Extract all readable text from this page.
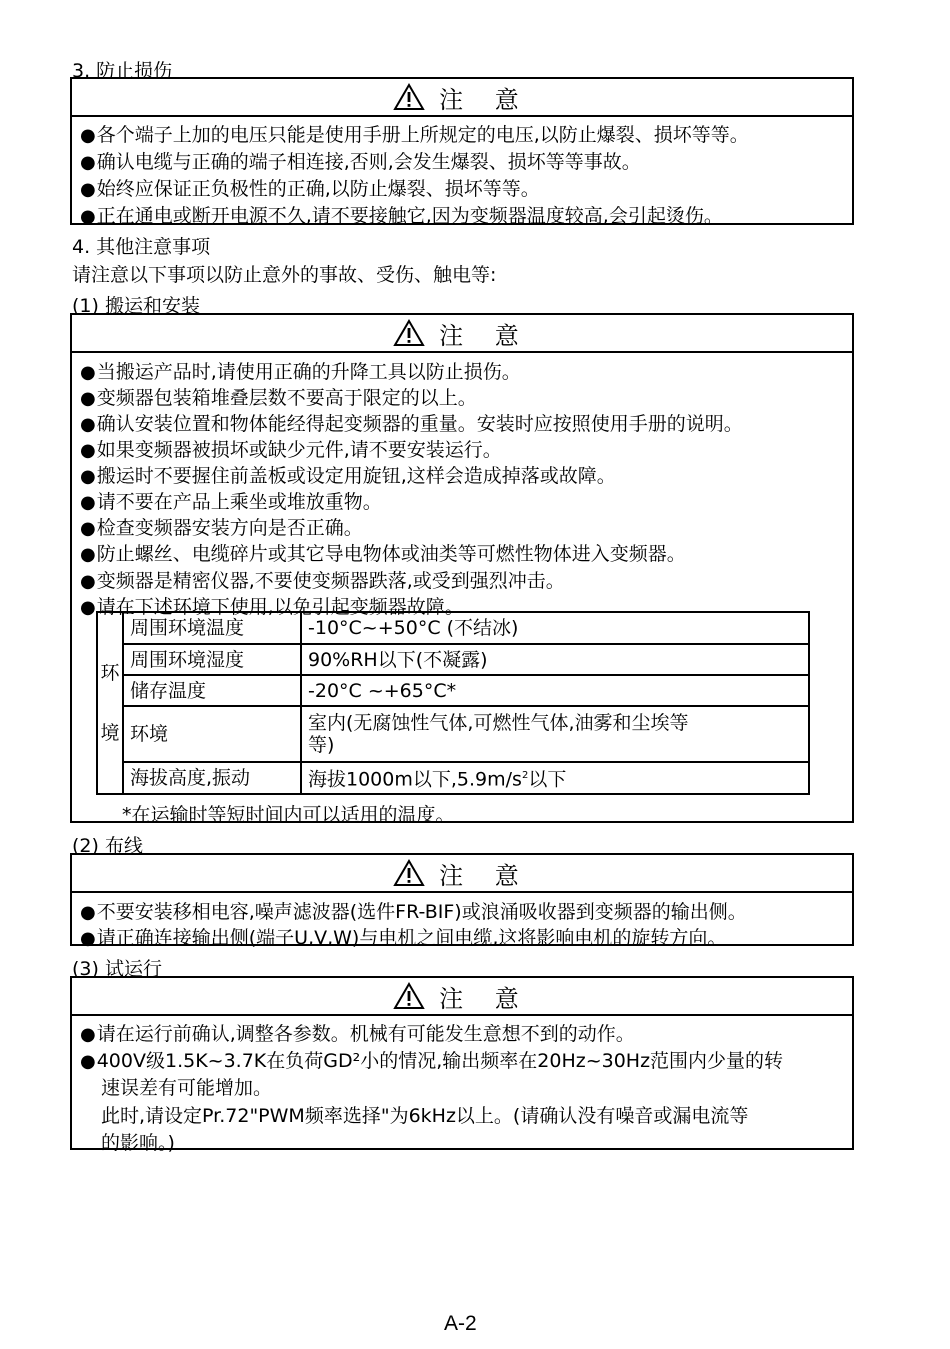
3. 防止损伤
注 意
●各个端子上加的电压只能是使用手册上所规定的电压,以防止爆裂、损坏等等。
●确认电缆与正确的端子相连接,否则,会发生爆裂、损坏等等事故。
●始终应保证正负极性的正确,以防止爆裂、损坏等等。
●正在通电或断开电源不久,请不要接触它,因为变频器温度较高,会引起烫伤。
4. 其他注意事项
请注意以下事项以防止意外的事故、受伤、触电等:
(1) 搬运和安装
注 意
●当搬运产品时,请使用正确的升降工具以防止损伤。
●变频器包装箱堆叠层数不要高于限定的以上。
●确认安装位置和物体能经得起变频器的重量。安装时应按照使用手册的说明。
●如果变频器被损坏或缺少元件,请不要安装运行。
●搬运时不要握住前盖板或设定用旋钮,这样会造成掉落或故障。
●请不要在产品上乘坐或堆放重物。
●检查变频器安装方向是否正确。
●防止螺丝、电缆碎片或其它导电物体或油类等可燃性物体进入变频器。
●变频器是精密仪器,不要使变频器跌落,或受到强烈冲击。
●请在下述环境下使用,以免引起变频器故障。
*在运输时等短时间内可以适用的温度。
环
境	周围环境温度	-10°C~+50°C (不结冰)
	周围环境湿度	90%RH以下(不凝露)
	储存温度	-20°C ~+65°C*
	环境	室内(无腐蚀性气体,可燃性气体,油雾和尘埃等
等)

	海拔高度,振动	海拔1000m以下$,5.9m/s^2$以下
(2) 布线
注 意
●不要安装移相电容,噪声滤波器(选件FR-BIF)或浪涌吸收器到变频器的输出侧。
●请正确连接输出侧(端子U,V,W)与电机之间电缆,这将影响电机的旋转方向。
(3) 试运行
注 意
●请在运行前确认,调整各参数。机械有可能发生意想不到的动作。
●400V级1.5K~3.7K在负荷GD²小的情况,输出频率在20Hz~30Hz范围内少量的转
速误差有可能增加。
此时,请设定Pr.72"PWM频率选择"为6kHz以上。(请确认没有噪音或漏电流等
的影响。)
A-2
